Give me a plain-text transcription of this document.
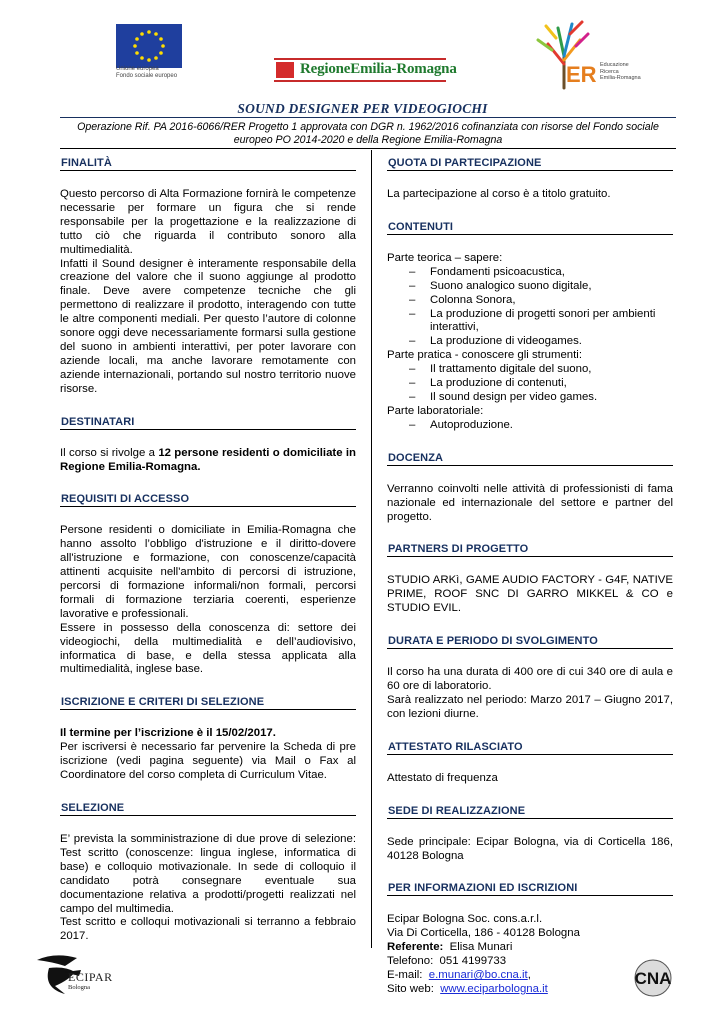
Unione europea
Fondo sociale europeo	RegioneEmilia-Romagna	ER Educazione
Ricerca
Emilia-Romagna
SOUND DESIGNER PER VIDEOGIOCHI
Operazione Rif. PA 2016-6066/RER Progetto 1 approvata con DGR n. 1962/2016 cofinanziata con risorse del Fondo sociale europeo PO 2014-2020 e della Regione Emilia-Romagna
FINALITÀ
Questo percorso di Alta Formazione fornirà le competenze necessarie per formare un figura che si rende responsabile per la progettazione e la realizzazione di tutto ciò che riguarda il contributo sonoro alla multimedialità.
Infatti il Sound designer è interamente responsabile della creazione del valore che il suono aggiunge al prodotto finale. Deve avere competenze tecniche che gli permettono di realizzare il prodotto, interagendo con tutte le altre componenti mediali. Per questo l’autore di colonne sonore oggi deve necessariamente formarsi sulla gestione del suono in ambienti interattivi, per poter lavorare con aziende locali, ma anche lavorare remotamente con aziende internazionali, portando sul nostro territorio nuove risorse.
DESTINATARI
Il corso si rivolge a 12 persone residenti o domiciliate in Regione Emilia-Romagna.
REQUISITI DI ACCESSO
Persone residenti o domiciliate in Emilia-Romagna che hanno assolto l’obbligo d'istruzione e il diritto-dovere all'istruzione e formazione, con conoscenze/capacità attinenti acquisite nell'ambito di percorsi di istruzione, percorsi di formazione informali/non formali, percorsi formali di formazione terziaria coerenti, esperienze lavorative e professionali.
Essere in possesso della conoscenza di: settore dei videogiochi, della multimedialità e dell’audiovisivo, informatica di base, e della stessa applicata alla multimedialità, inglese base.
ISCRIZIONE E CRITERI DI SELEZIONE
Il termine per l’iscrizione è il 15/02/2017.
Per iscriversi è necessario far pervenire la Scheda di pre iscrizione (vedi pagina seguente) via Mail o Fax al Coordinatore del corso completa di Curriculum Vitae.
SELEZIONE
E’ prevista la somministrazione di due prove di selezione: Test scritto (conoscenze: lingua inglese, informatica di base) e colloquio motivazionale. In sede di colloquio il candidato potrà consegnare eventuale sua documentazione relativa a prodotti/progetti realizzati nel campo del multimedia.
Test scritto e colloqui motivazionali si terranno a febbraio 2017.
QUOTA DI PARTECIPAZIONE
La partecipazione al corso è a titolo gratuito.
CONTENUTI
Parte teorica – sapere:
– Fondamenti psicoacustica,
– Suono analogico suono digitale,
– Colonna Sonora,
– La produzione di progetti sonori per ambienti interattivi,
– La produzione di videogames.
Parte pratica - conoscere gli strumenti:
– Il trattamento digitale del suono,
– La produzione di contenuti,
– Il sound design per video games.
Parte laboratoriale:
– Autoproduzione.
DOCENZA
Verranno coinvolti nelle attività di professionisti di fama nazionale ed internazionale del settore e partner del progetto.
PARTNERS DI PROGETTO
STUDIO ARKì, GAME AUDIO FACTORY - G4F, NATIVE PRIME, ROOF SNC DI GARRO MIKKEL & CO e STUDIO EVIL.
DURATA E PERIODO DI SVOLGIMENTO
Il corso ha una durata di 400 ore di cui 340 ore di aula e 60 ore di laboratorio.
Sarà realizzato nel periodo: Marzo 2017 – Giugno 2017, con lezioni diurne.
ATTESTATO RILASCIATO
Attestato di frequenza
SEDE DI REALIZZAZIONE
Sede principale: Ecipar Bologna, via di Corticella 186, 40128 Bologna
PER INFORMAZIONI ED ISCRIZIONI
Ecipar Bologna Soc. cons.a.r.l.
Via Di Corticella, 186 - 40128 Bologna
Referente:  Elisa Munari
Telefono:  051 4199733
E-mail:  e.munari@bo.cna.it,
Sito web:  www.eciparbologna.it
ECIPAR
Bologna	CNA
